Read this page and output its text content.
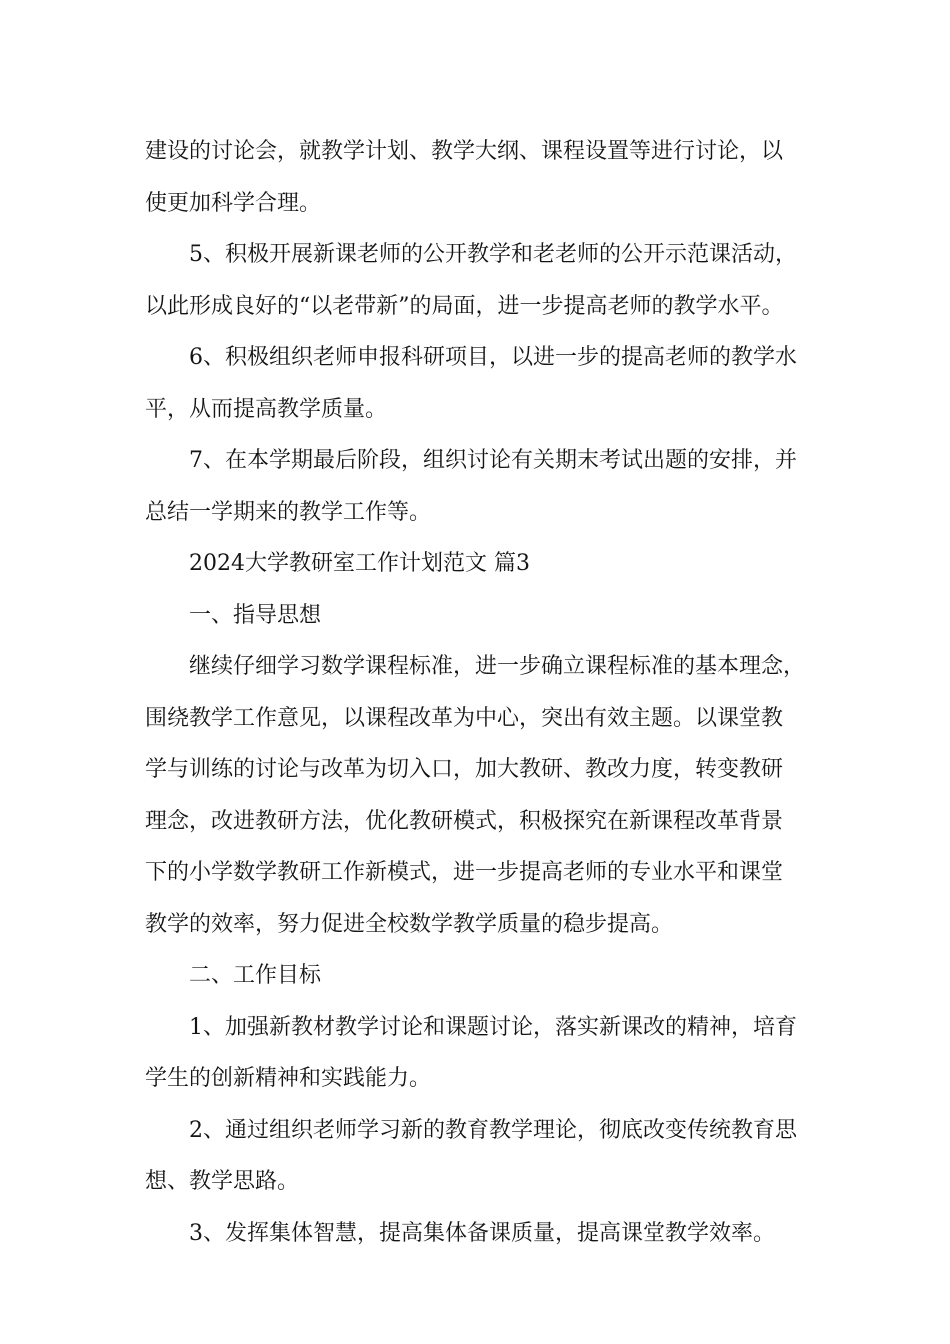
建设的讨论会，就教学计划、教学大纲、课程设置等进行讨论，以
使更加科学合理。
5、积极开展新课老师的公开教学和老老师的公开示范课活动，
以此形成良好的“以老带新”的局面，进一步提高老师的教学水平。
6、积极组织老师申报科研项目，以进一步的提高老师的教学水
平，从而提高教学质量。
7、在本学期最后阶段，组织讨论有关期末考试出题的安排，并
总结一学期来的教学工作等。
2024大学教研室工作计划范文 篇3
一、指导思想
继续仔细学习数学课程标准，进一步确立课程标准的基本理念，
围绕教学工作意见，以课程改革为中心，突出有效主题。以课堂教
学与训练的讨论与改革为切入口，加大教研、教改力度，转变教研
理念，改进教研方法，优化教研模式，积极探究在新课程改革背景
下的小学数学教研工作新模式，进一步提高老师的专业水平和课堂
教学的效率，努力促进全校数学教学质量的稳步提高。
二、工作目标
1、加强新教材教学讨论和课题讨论，落实新课改的精神，培育
学生的创新精神和实践能力。
2、通过组织老师学习新的教育教学理论，彻底改变传统教育思
想、教学思路。
3、发挥集体智慧，提高集体备课质量，提高课堂教学效率。
